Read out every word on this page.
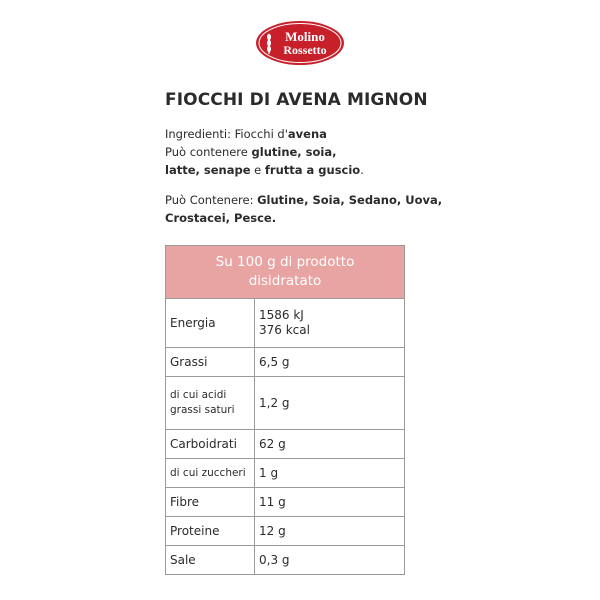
Molino
Rossetto
FIOCCHI DI AVENA MIGNON
Ingredienti: Fiocchi d'avena
Può contenere glutine, soia,
latte, senape e frutta a guscio.
Può Contenere: Glutine, Soia, Sedano, Uova,
Crostacei, Pesce.
Su 100 g di prodotto
disidratato	

Energia	1586 kJ
376 kcal

Grassi	6,5 g

di cui acidi
grassi saturi	1,2 g
Carboidrati	62 g
di cui zuccheri	1 g
Fibre	11 g
Proteine	12 g
Sale	0,3 g
